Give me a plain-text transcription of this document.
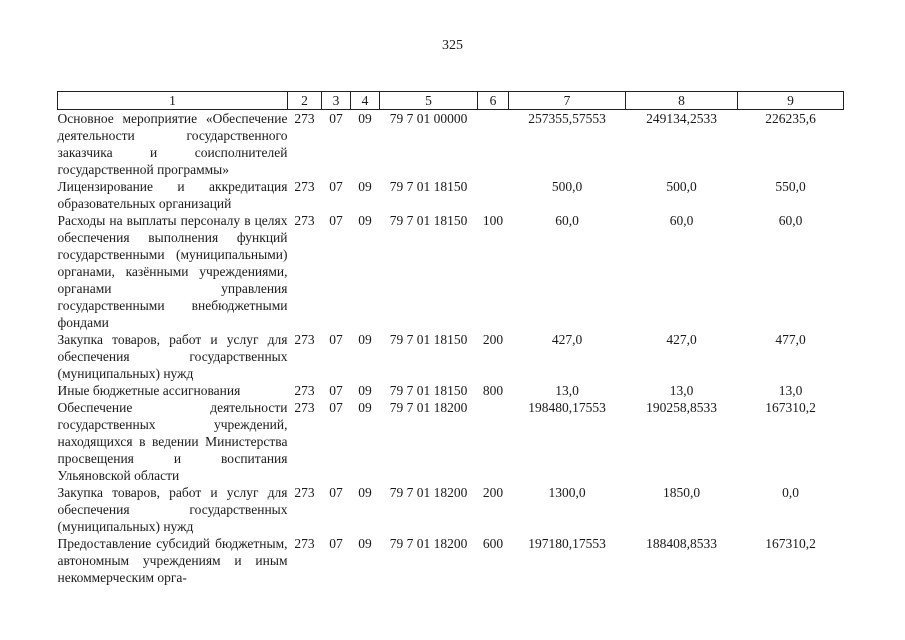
325
1	2	3	4	5	6	7	8	9
Основное мероприятие «Обеспечение деятельности государственного заказчика и соисполнителей государственной программы»	273	07	09	79 7 01 00000		257355,57553	249134,2533	226235,6
Лицензирование и аккредитация образовательных организаций	273	07	09	79 7 01 18150		500,0	500,0	550,0
Расходы на выплаты персоналу в целях обеспечения выполнения функций государственными (муниципальными) органами, казёнными учреждениями, органами управления государственными внебюджетными фондами	273	07	09	79 7 01 18150	100	60,0	60,0	60,0
Закупка товаров, работ и услуг для обеспечения государственных (муниципальных) нужд	273	07	09	79 7 01 18150	200	427,0	427,0	477,0
Иные бюджетные ассигнования	273	07	09	79 7 01 18150	800	13,0	13,0	13,0
Обеспечение деятельности государственных учреждений, находящихся в ведении Министерства просвещения и воспитания Ульяновской области	273	07	09	79 7 01 18200		198480,17553	190258,8533	167310,2
Закупка товаров, работ и услуг для обеспечения государственных (муниципальных) нужд	273	07	09	79 7 01 18200	200	1300,0	1850,0	0,0
Предоставление субсидий бюджетным, автономным учреждениям и иным некоммерческим орга-	273	07	09	79 7 01 18200	600	197180,17553	188408,8533	167310,2
